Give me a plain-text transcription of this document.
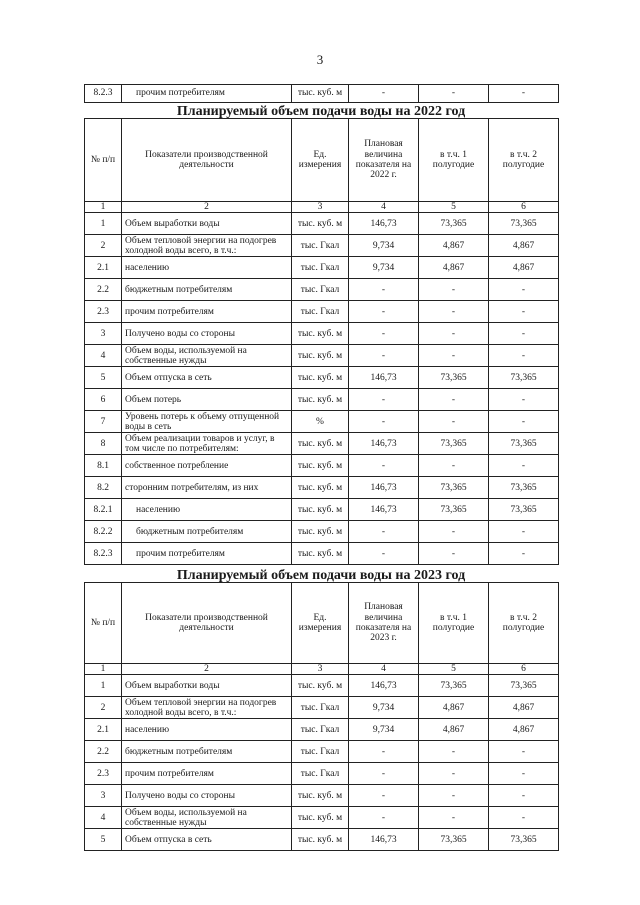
3
8.2.3	прочим потребителям	тыс. куб. м	-	-	-
Планируемый объем подачи воды на 2022 год
№ п/п	Показатели производственной деятельности	Ед. измерения	Плановая величина показателя на 2022 г.	в т.ч. 1 полугодие	в т.ч. 2 полугодие
1	2	3	4	5	6
1	Объем выработки воды	тыс. куб. м	146,73	73,365	73,365
2	Объем тепловой энергии на подогрев холодной воды всего, в т.ч.:	тыс. Гкал	9,734	4,867	4,867
2.1	населению	тыс. Гкал	9,734	4,867	4,867
2.2	бюджетным потребителям	тыс. Гкал	-	-	-
2.3	прочим потребителям	тыс. Гкал	-	-	-
3	Получено воды со стороны	тыс. куб. м	-	-	-
4	Объем воды, используемой на собственные нужды	тыс. куб. м	-	-	-
5	Объем отпуска в сеть	тыс. куб. м	146,73	73,365	73,365
6	Объем потерь	тыс. куб. м	-	-	-
7	Уровень потерь к объему отпущенной воды в сеть	%	-	-	-
8	Объем реализации товаров и услуг, в том числе по потребителям:	тыс. куб. м	146,73	73,365	73,365
8.1	собственное потребление	тыс. куб. м	-	-	-
8.2	сторонним потребителям, из них	тыс. куб. м	146,73	73,365	73,365
8.2.1	населению	тыс. куб. м	146,73	73,365	73,365
8.2.2	бюджетным потребителям	тыс. куб. м	-	-	-
8.2.3	прочим потребителям	тыс. куб. м	-	-	-
Планируемый объем подачи воды на 2023 год
№ п/п	Показатели производственной деятельности	Ед. измерения	Плановая величина показателя на 2023 г.	в т.ч. 1 полугодие	в т.ч. 2 полугодие
1	2	3	4	5	6
1	Объем выработки воды	тыс. куб. м	146,73	73,365	73,365
2	Объем тепловой энергии на подогрев холодной воды всего, в т.ч.:	тыс. Гкал	9,734	4,867	4,867
2.1	населению	тыс. Гкал	9,734	4,867	4,867
2.2	бюджетным потребителям	тыс. Гкал	-	-	-
2.3	прочим потребителям	тыс. Гкал	-	-	-
3	Получено воды со стороны	тыс. куб. м	-	-	-
4	Объем воды, используемой на собственные нужды	тыс. куб. м	-	-	-
5	Объем отпуска в сеть	тыс. куб. м	146,73	73,365	73,365
